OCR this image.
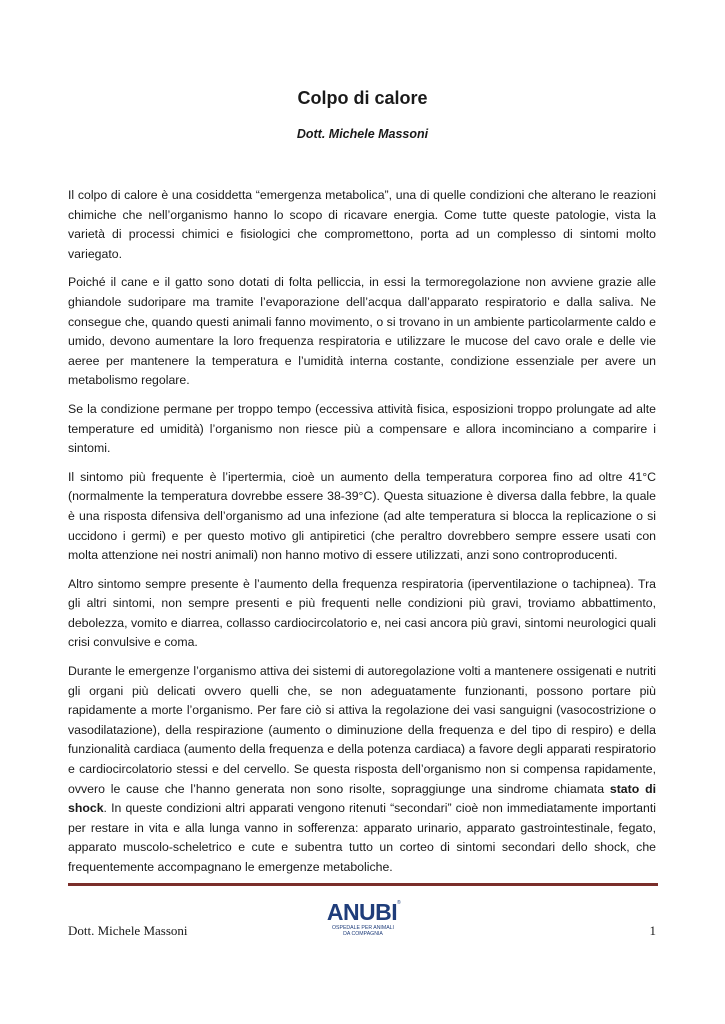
Colpo di calore
Dott. Michele Massoni

Il colpo di calore è una cosiddetta “emergenza metabolica”, una di quelle condizioni che alterano le reazioni chimiche che nell’organismo hanno lo scopo di ricavare energia. Come tutte queste patologie, vista la varietà di processi chimici e fisiologici che compromettono, porta ad un complesso di sintomi molto variegato.

Poiché il cane e il gatto sono dotati di folta pelliccia, in essi la termoregolazione non avviene grazie alle ghiandole sudoripare ma tramite l’evaporazione dell’acqua dall’apparato respiratorio e dalla saliva. Ne consegue che, quando questi animali fanno movimento, o si trovano in un ambiente particolarmente caldo e umido, devono aumentare la loro frequenza respiratoria e utilizzare le mucose del cavo orale e delle vie aeree per mantenere la temperatura e l’umidità interna costante, condizione essenziale per avere un metabolismo regolare.

Se la condizione permane per troppo tempo (eccessiva attività fisica, esposizioni troppo prolungate ad alte temperature ed umidità) l’organismo non riesce più a compensare e allora incominciano a comparire i sintomi.

Il sintomo più frequente è l’ipertermia, cioè un aumento della temperatura corporea fino ad oltre 41°C (normalmente la temperatura dovrebbe essere 38-39°C). Questa situazione è diversa dalla febbre, la quale è una risposta difensiva dell’organismo ad una infezione (ad alte temperatura si blocca la replicazione o si uccidono i germi) e per questo motivo gli antipiretici (che peraltro dovrebbero sempre essere usati con molta attenzione nei nostri animali) non hanno motivo di essere utilizzati, anzi sono controproducenti.

Altro sintomo sempre presente è l’aumento della frequenza respiratoria (iperventilazione o tachipnea). Tra gli altri sintomi, non sempre presenti e più frequenti nelle condizioni più gravi, troviamo abbattimento, debolezza, vomito e diarrea, collasso cardiocircolatorio e, nei casi ancora più gravi, sintomi neurologici quali crisi convulsive e coma.

Durante le emergenze l’organismo attiva dei sistemi di autoregolazione volti a mantenere ossigenati e nutriti gli organi più delicati ovvero quelli che, se non adeguatamente funzionanti, possono portare più rapidamente a morte l’organismo. Per fare ciò si attiva la regolazione dei vasi sanguigni (vasocostrizione o vasodilatazione), della respirazione (aumento o diminuzione della frequenza e del tipo di respiro) e della funzionalità cardiaca (aumento della frequenza e della potenza cardiaca) a favore degli apparati respiratorio e cardiocircolatorio stessi e del cervello. Se questa risposta dell’organismo non si compensa rapidamente, ovvero le cause che l’hanno generata non sono risolte, sopraggiunge una sindrome chiamata stato di shock. In queste condizioni altri apparati vengono ritenuti “secondari” cioè non immediatamente importanti per restare in vita e alla lunga vanno in sofferenza: apparato urinario, apparato gastrointestinale, fegato, apparato muscolo-scheletrico e cute e subentra tutto un corteo di sintomi secondari dello shock, che frequentemente accompagnano le emergenze metaboliche.

ANUBI ®
OSPEDALE PER ANIMALI
DA COMPAGNIA
Dott. Michele Massoni	1
